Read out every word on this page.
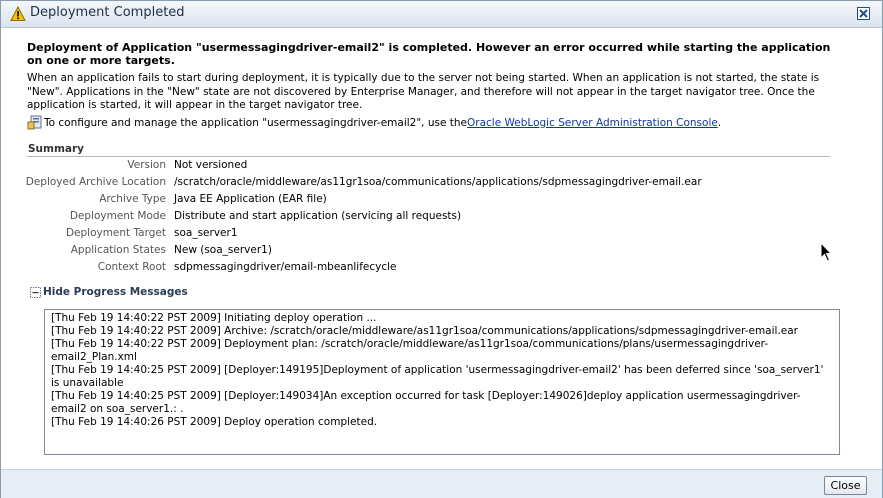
Deployment Completed
Deployment of Application "usermessagingdriver-email2" is completed. However an error occurred while starting the application on one or more targets.
When an application fails to start during deployment, it is typically due to the server not being started. When an application is not started, the state is "New". Applications in the "New" state are not discovered by Enterprise Manager, and therefore will not appear in the target navigator tree. Once the application is started, it will appear in the target navigator tree.
To configure and manage the application "usermessagingdriver-email2", use the Oracle WebLogic Server Administration Console .
Summary
Version Not versioned
Deployed Archive Location /scratch/oracle/middleware/as11gr1soa/communications/applications/sdpmessagingdriver-email.ear
Archive Type Java EE Application (EAR file)
Deployment Mode Distribute and start application (servicing all requests)
Deployment Target soa_server1
Application States New (soa_server1)
Context Root sdpmessagingdriver/email-mbeanlifecycle
Hide Progress Messages
[Thu Feb 19 14:40:22 PST 2009] Initiating deploy operation ...
[Thu Feb 19 14:40:22 PST 2009] Archive: /scratch/oracle/middleware/as11gr1soa/communications/applications/sdpmessagingdriver-email.ear
[Thu Feb 19 14:40:22 PST 2009] Deployment plan: /scratch/oracle/middleware/as11gr1soa/communications/plans/usermessagingdriver-email2_Plan.xml
[Thu Feb 19 14:40:25 PST 2009] [Deployer:149195]Deployment of application 'usermessagingdriver-email2' has been deferred since 'soa_server1' is unavailable
[Thu Feb 19 14:40:25 PST 2009] [Deployer:149034]An exception occurred for task [Deployer:149026]deploy application usermessagingdriver-email2 on soa_server1.: .
[Thu Feb 19 14:40:26 PST 2009] Deploy operation completed.
Close
